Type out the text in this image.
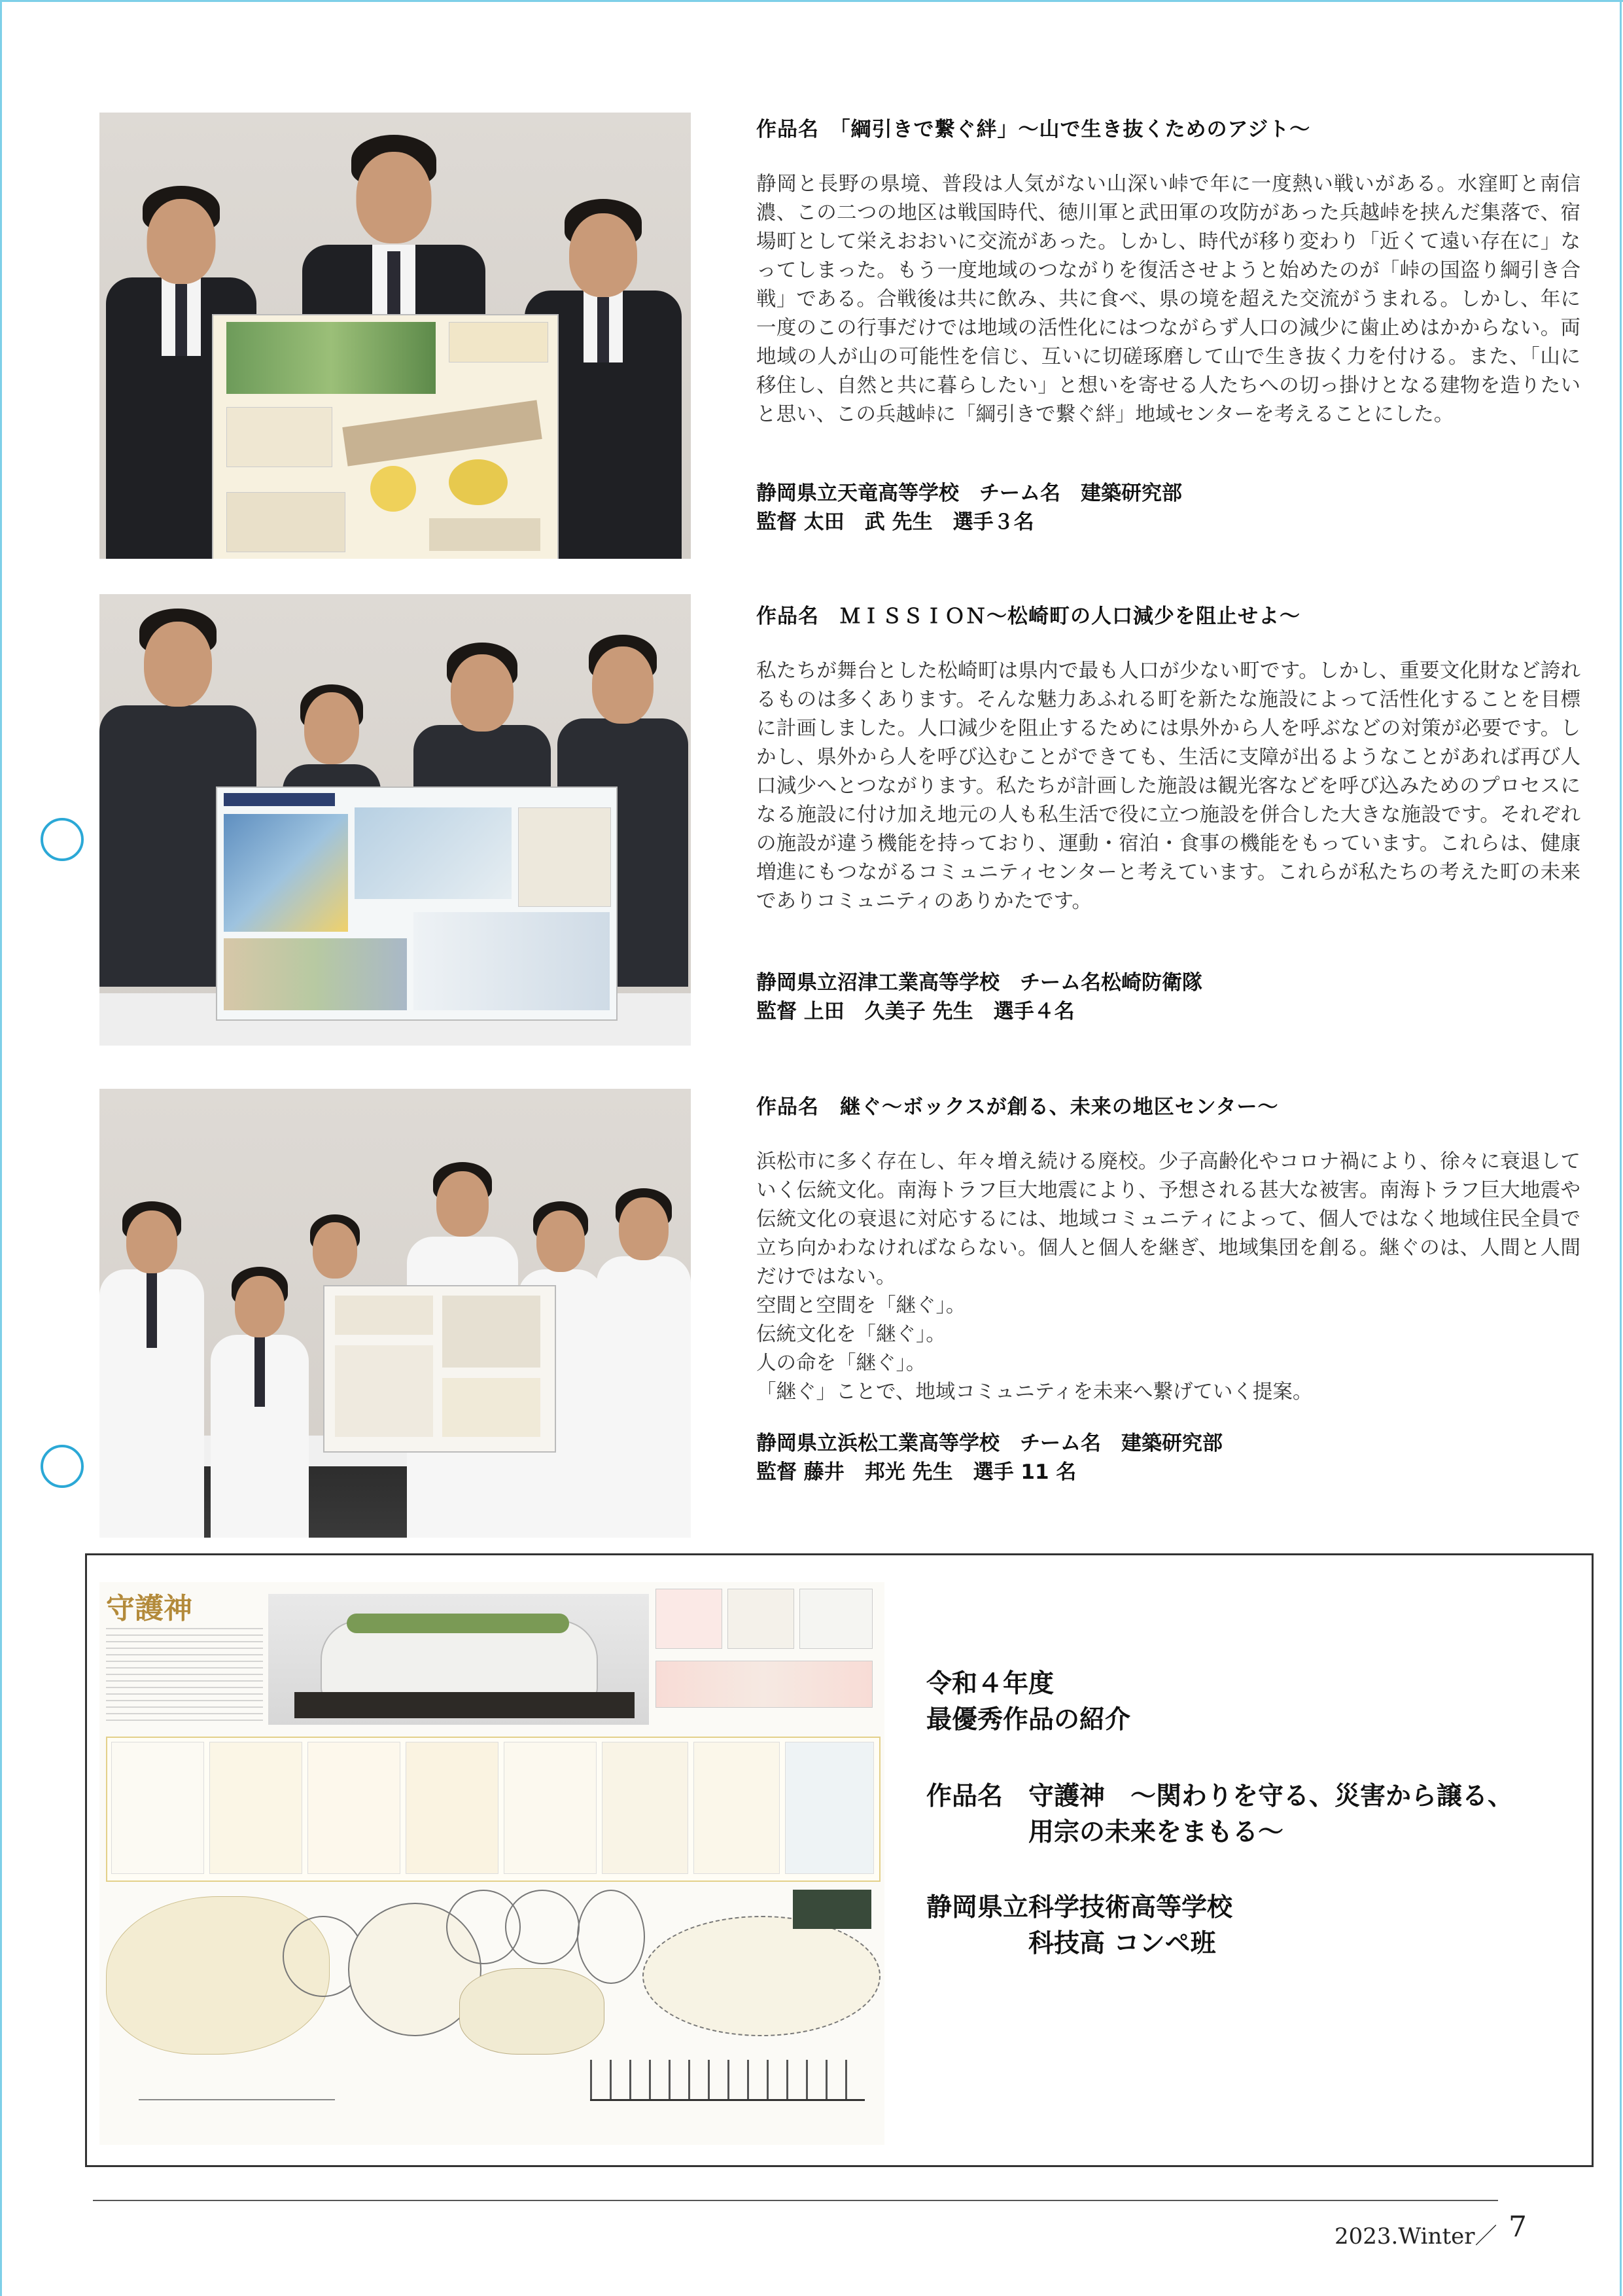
作品名　「綱引きで繋ぐ絆」～山で生き抜くためのアジト～

静岡と長野の県境、普段は人気がない山深い峠で年に一度熱い戦いがある。水窪町と南信濃、この二つの地区は戦国時代、徳川軍と武田軍の攻防があった兵越峠を挟んだ集落で、宿場町として栄えおおいに交流があった。しかし、時代が移り変わり「近くて遠い存在に」なってしまった。もう一度地域のつながりを復活させようと始めたのが「峠の国盗り綱引き合戦」である。合戦後は共に飲み、共に食べ、県の境を超えた交流がうまれる。しかし、年に一度のこの行事だけでは地域の活性化にはつながらず人口の減少に歯止めはかからない。両地域の人が山の可能性を信じ、互いに切磋琢磨して山で生き抜く力を付ける。また、「山に移住し、自然と共に暮らしたい」と想いを寄せる人たちへの切っ掛けとなる建物を造りたいと思い、この兵越峠に「綱引きで繋ぐ絆」地域センターを考えることにした。

静岡県立天竜高等学校　チーム名　建築研究部
監督 太田　武 先生　選手３名
作品名　ＭＩＳＳＩＯＮ～松崎町の人口減少を阻止せよ～

私たちが舞台とした松崎町は県内で最も人口が少ない町です。しかし、重要文化財など誇れるものは多くあります。そんな魅力あふれる町を新たな施設によって活性化することを目標に計画しました。人口減少を阻止するためには県外から人を呼ぶなどの対策が必要です。しかし、県外から人を呼び込むことができても、生活に支障が出るようなことがあれば再び人口減少へとつながります。私たちが計画した施設は観光客などを呼び込みためのプロセスになる施設に付け加え地元の人も私生活で役に立つ施設を併合した大きな施設です。それぞれの施設が違う機能を持っており、運動・宿泊・食事の機能をもっています。これらは、健康増進にもつながるコミュニティセンターと考えています。これらが私たちの考えた町の未来でありコミュニティのありかたです。

静岡県立沼津工業高等学校　チーム名松崎防衛隊
監督 上田　久美子 先生　選手４名
作品名　継ぐ～ボックスが創る、未来の地区センター～

浜松市に多く存在し、年々増え続ける廃校。少子高齢化やコロナ禍により、徐々に衰退していく伝統文化。南海トラフ巨大地震により、予想される甚大な被害。南海トラフ巨大地震や伝統文化の衰退に対応するには、地域コミュニティによって、個人ではなく地域住民全員で立ち向かわなければならない。個人と個人を継ぎ、地域集団を創る。継ぐのは、人間と人間だけではない。

空間と空間を「継ぐ」。

伝統文化を「継ぐ」。

人の命を「継ぐ」。

「継ぐ」ことで、地域コミュニティを未来へ繋げていく提案。

静岡県立浜松工業高等学校　チーム名　建築研究部
監督 藤井　邦光 先生　選手 11 名
守護神
令和４年度
最優秀作品の紹介
作品名　守護神　～関わりを守る、災害から譲る、
　　　　用宗の未来をまもる～
静岡県立科学技術高等学校
　　　　科技高 コンペ班
2023.Winter／ 7
